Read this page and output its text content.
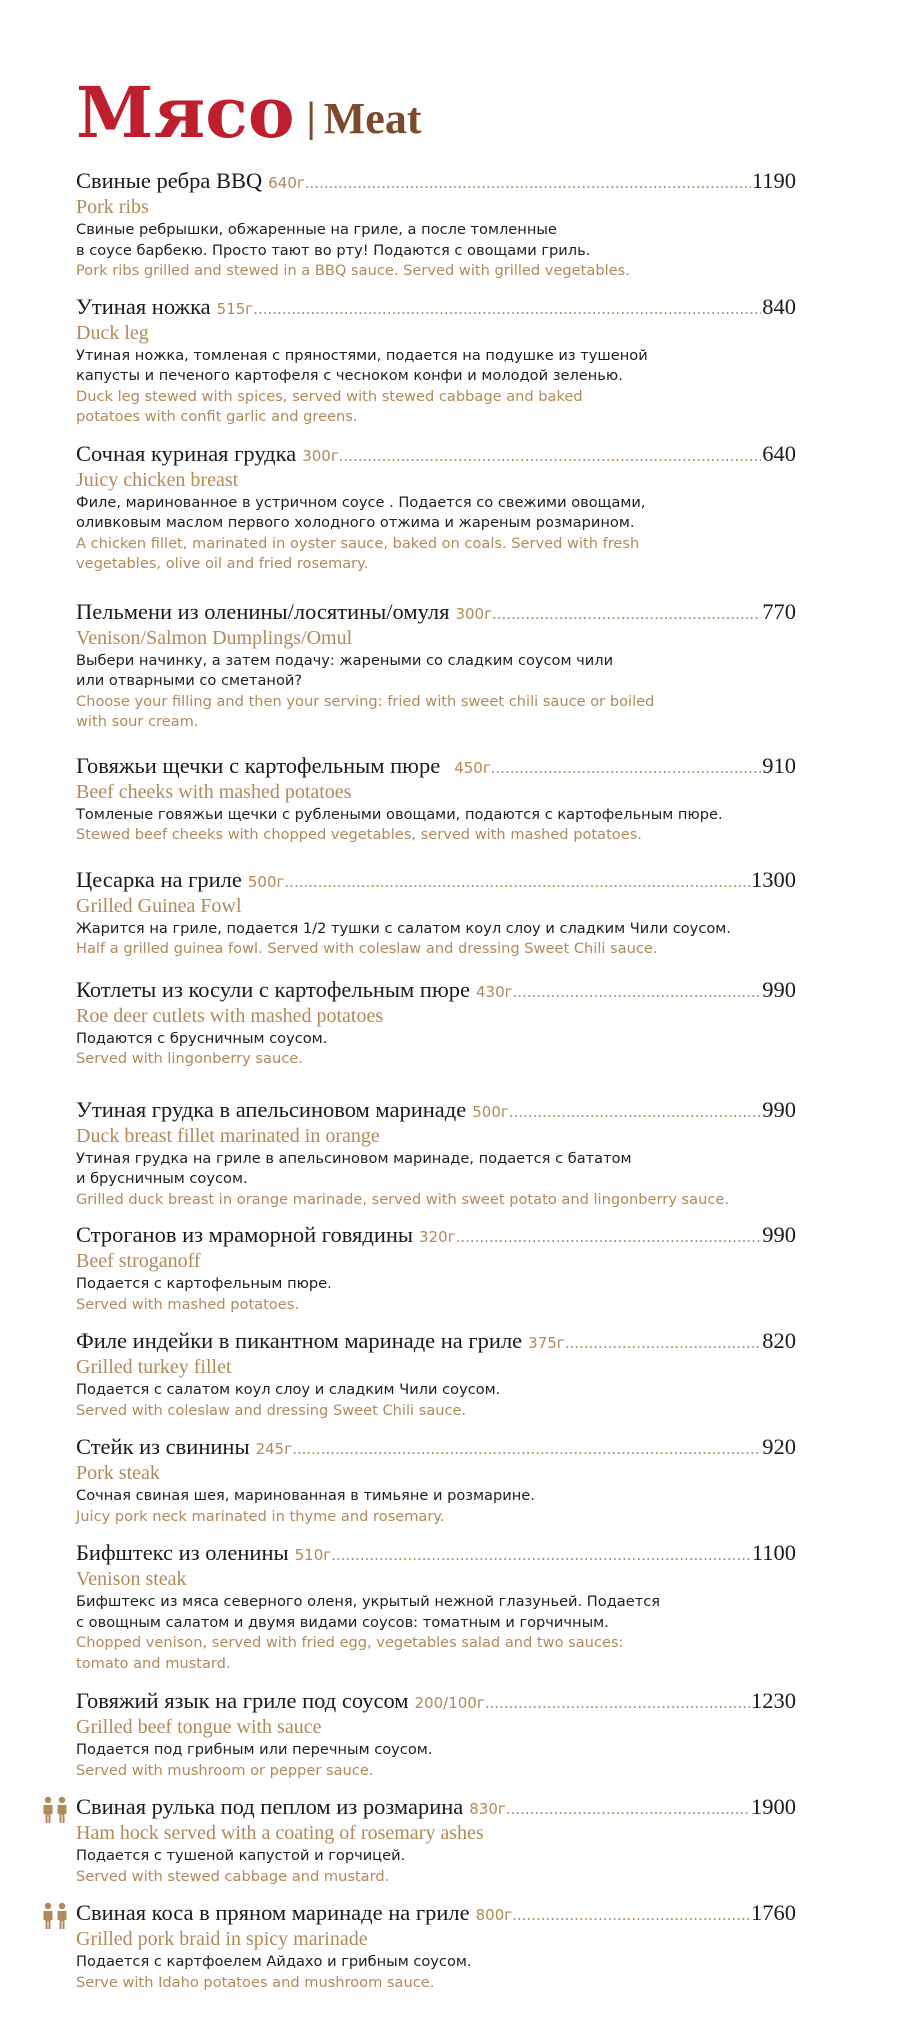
Мясо | Meat
Свиные ребра BBQ 640г .....	1190
Pork ribs
Свиные ребрышки, обжаренные на гриле, а после томленные
в соусе барбекю. Просто тают во рту! Подаются с овощами гриль.
Pork ribs grilled and stewed in a BBQ sauce. Served with grilled vegetables.
Утиная ножка 515г .....	840
Duck leg
Утиная ножка, томленая с пряностями, подается на подушке из тушеной
капусты и печеного картофеля с чесноком конфи и молодой зеленью.
Duck leg stewed with spices, served with stewed cabbage and baked
potatoes with confit garlic and greens.
Сочная куриная грудка 300г .....	640
Juicy chicken breast
Филе, маринованное в устричном соусе . Подается со свежими овощами,
оливковым маслом первого холодного отжима и жареным розмарином.
A chicken fillet, marinated in oyster sauce, baked on coals. Served with fresh
vegetables, olive oil and fried rosemary.
Пельмени из оленины/лосятины/омуля 300г .....	770
Venison/Salmon Dumplings/Omul
Выбери начинку, а затем подачу: жареными со сладким соусом чили
или отварными со сметаной?
Choose your filling and then your serving: fried with sweet chili sauce or boiled
with sour cream.
Говяжьи щечки с картофельным пюре 450г .....	910
Beef cheeks with mashed potatoes
Томленые говяжьи щечки с рублеными овощами, подаются с картофельным пюре.
Stewed beef cheeks with chopped vegetables, served with mashed potatoes.
Цесарка на гриле 500г .....	1300
Grilled Guinea Fowl
Жарится на гриле, подается 1/2 тушки с салатом коул слоу и сладким Чили соусом.
Half a grilled guinea fowl. Served with coleslaw and dressing Sweet Chili sauce.
Котлеты из косули с картофельным пюре 430г .....	990
Roe deer cutlets with mashed potatoes
Подаются с брусничным соусом.
Served with lingonberry sauce.
Утиная грудка в апельсиновом маринаде 500г .....	990
Duck breast fillet marinated in orange
Утиная грудка на гриле в апельсиновом маринаде, подается с бататом
и брусничным соусом.
Grilled duck breast in orange marinade, served with sweet potato and lingonberry sauce.
Строганов из мраморной говядины 320г .....	990
Beef stroganoff
Подается с картофельным пюре.
Served with mashed potatoes.
Филе индейки в пикантном маринаде на гриле 375г .....	820
Grilled turkey fillet
Подается с салатом коул слоу и сладким Чили соусом.
Served with coleslaw and dressing Sweet Chili sauce.
Стейк из свинины 245г .....	920
Pork steak
Сочная свиная шея, маринованная в тимьяне и розмарине.
Juicy pork neck marinated in thyme and rosemary.
Бифштекс из оленины 510г .....	1100
Venison steak
Бифштекс из мяса северного оленя, укрытый нежной глазуньей. Подается
с овощным салатом и двумя видами соусов: томатным и горчичным.
Chopped venison, served with fried egg, vegetables salad and two sauces:
tomato and mustard.
Говяжий язык на гриле под соусом 200/100г .....	1230
Grilled beef tongue with sauce
Подается под грибным или перечным соусом.
Served with mushroom or pepper sauce.
Свиная рулька под пеплом из розмарина 830г .....	1900
Ham hock served with a coating of rosemary ashes
Подается с тушеной капустой и горчицей.
Served with stewed cabbage and mustard.
Свиная коса в пряном маринаде на гриле 800г .....	1760
Grilled pork braid in spicy marinade
Подается с картфоелем Айдахо и грибным соусом.
Serve with Idaho potatoes and mushroom sauce.
